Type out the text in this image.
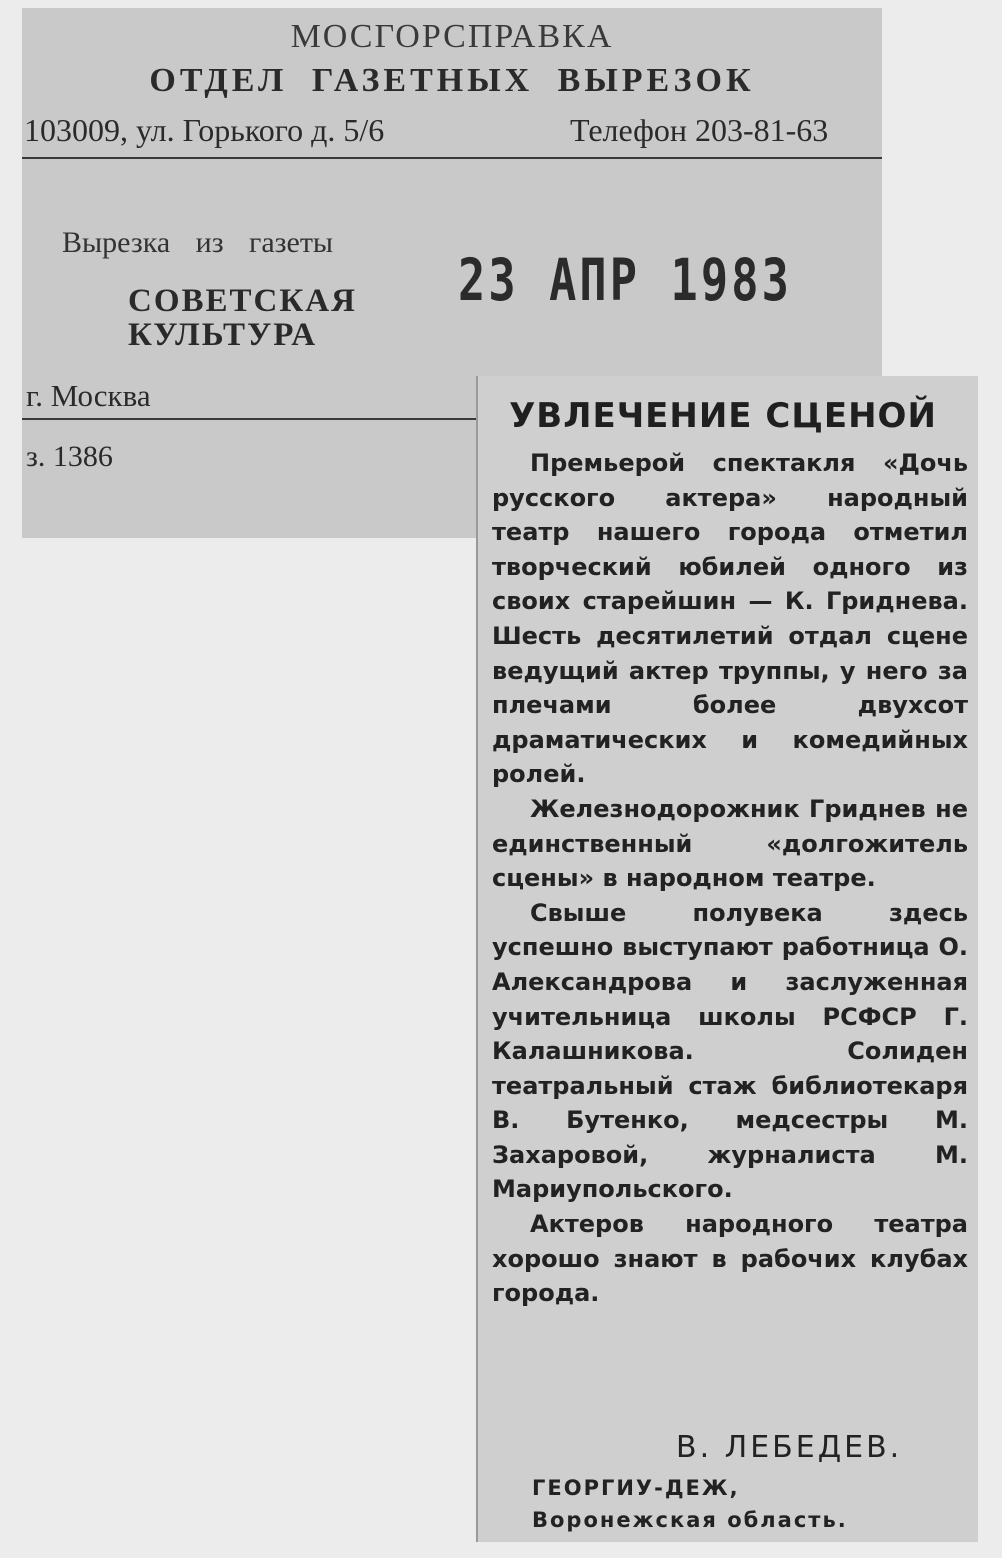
МОСГОРСПРАВКА
ОТДЕЛ ГАЗЕТНЫХ ВЫРЕЗОК
103009, ул. Горького д. 5/6	Телефон 203-81-63
Вырезка из газеты
СОВЕТСКАЯ
КУЛЬТУРА
г. Москва
з. 1386
23 АПР 1983
УВЛЕЧЕНИЕ СЦЕНОЙ

Премьерой спектакля «Дочь русского актера» народный театр нашего города отметил творческий юбилей одного из своих старейшин — К. Гриднева. Шесть десятилетий отдал сцене ведущий актер труппы, у него за плечами более двухсот драматических и комедийных ролей.

Железнодорожник Гриднев не единственный «долгожитель сцены» в народном театре.

Свыше полувека здесь успешно выступают работница О. Александрова и заслуженная учительница школы РСФСР Г. Калашникова. Солиден театральный стаж библиотекаря В. Бутенко, медсестры М. Захаровой, журналиста М. Мариупольского.

Актеров народного театра хорошо знают в рабочих клубах города.

В. ЛЕБЕДЕВ.
ГЕОРГИУ-ДЕЖ,
Воронежская область.
